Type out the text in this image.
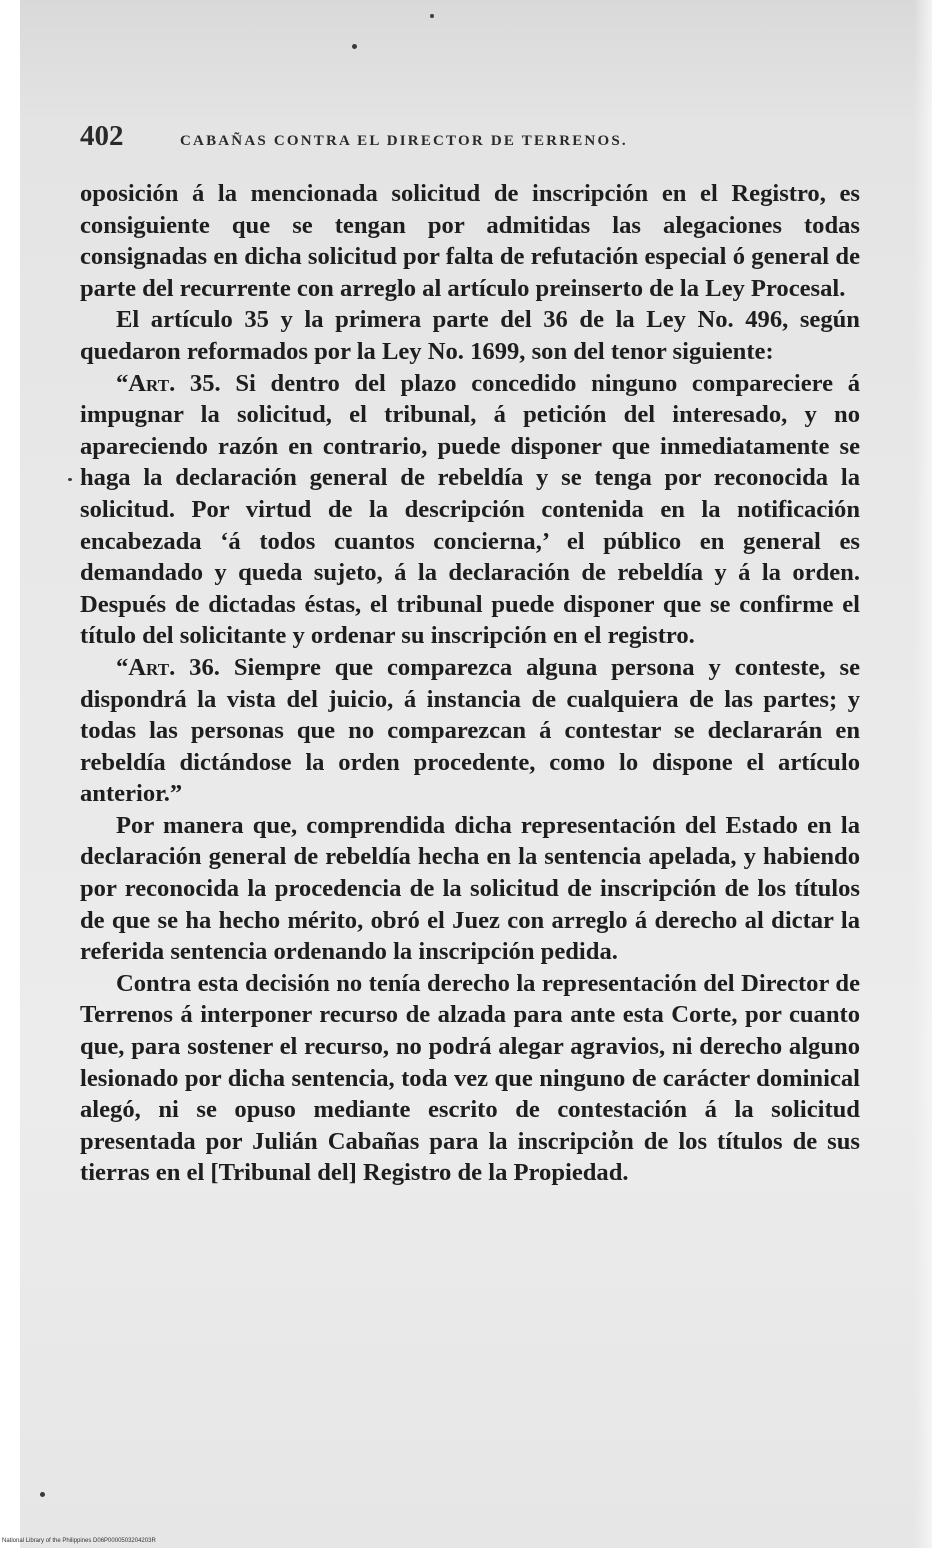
402	CABAÑAS CONTRA EL DIRECTOR DE TERRENOS.

oposición á la mencionada solicitud de inscripción en el Registro, es consiguiente que se tengan por admitidas las alegaciones todas consignadas en dicha solicitud por falta de refutación especial ó general de parte del recurrente con arreglo al artículo preinserto de la Ley Procesal.

El artículo 35 y la primera parte del 36 de la Ley No. 496, según quedaron reformados por la Ley No. 1699, son del tenor siguiente:

“Art. 35. Si dentro del plazo concedido ninguno compareciere á impugnar la solicitud, el tribunal, á petición del interesado, y no apareciendo razón en contrario, puede disponer que inmediatamente se haga la declaración general de rebeldía y se tenga por reconocida la solicitud. Por virtud de la descripción contenida en la notificación encabezada ‘á todos cuantos concierna,’ el público en general es demandado y queda sujeto, á la declaración de rebeldía y á la orden. Después de dictadas éstas, el tribunal puede disponer que se confirme el título del solicitante y ordenar su inscripción en el registro.

“Art. 36. Siempre que comparezca alguna persona y conteste, se dispondrá la vista del juicio, á instancia de cualquiera de las partes; y todas las personas que no comparezcan á contestar se declararán en rebeldía dictándose la orden procedente, como lo dispone el artículo anterior.”

Por manera que, comprendida dicha representación del Estado en la declaración general de rebeldía hecha en la sentencia apelada, y habiendo por reconocida la procedencia de la solicitud de inscripción de los títulos de que se ha hecho mérito, obró el Juez con arreglo á derecho al dictar la referida sentencia ordenando la inscripción pedida.

Contra esta decisión no tenía derecho la representación del Director de Terrenos á interponer recurso de alzada para ante esta Corte, por cuanto que, para sostener el recurso, no podrá alegar agravios, ni derecho alguno lesionado por dicha sentencia, toda vez que ninguno de carácter dominical alegó, ni se opuso mediante escrito de contestación á la solicitud presentada por Julián Cabañas para la inscripción de los títulos de sus tierras en el [Tribunal del] Registro de la Propiedad.

National Library of the Philippines D06P0000503204203R
